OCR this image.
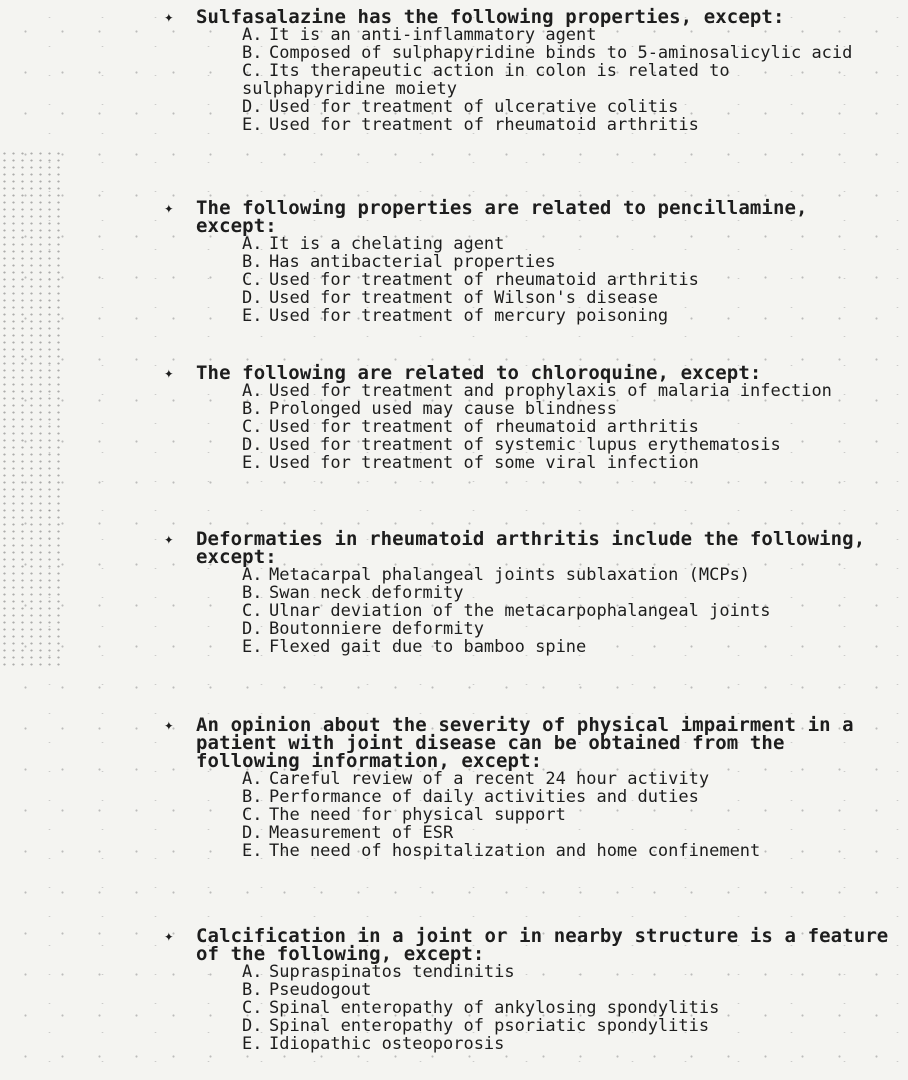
✦ Sulfasalazine has the following properties, except:
A. It is an anti-inflammatory agent
B. Composed of sulphapyridine binds to 5-aminosalicylic acid
C. Its therapeutic action in colon is related to sulphapyridine moiety
D. Used for treatment of ulcerative colitis
E. Used for treatment of rheumatoid arthritis
✦ The following properties are related to pencillamine, except:
A. It is a chelating agent
B. Has antibacterial properties
C. Used for treatment of rheumatoid arthritis
D. Used for treatment of Wilson's disease
E. Used for treatment of mercury poisoning
✦ The following are related to chloroquine, except:
A. Used for treatment and prophylaxis of malaria infection
B. Prolonged used may cause blindness
C. Used for treatment of rheumatoid arthritis
D. Used for treatment of systemic lupus erythematosis
E. Used for treatment of some viral infection
✦ Deformaties in rheumatoid arthritis include the following, except:
A. Metacarpal phalangeal joints sublaxation (MCPs)
B. Swan neck deformity
C. Ulnar deviation of the metacarpophalangeal joints
D. Boutonniere deformity
E. Flexed gait due to bamboo spine
✦ An opinion about the severity of physical impairment in a patient with joint disease can be obtained from the following information, except:
A. Careful review of a recent 24 hour activity
B. Performance of daily activities and duties
C. The need for physical support
D. Measurement of ESR
E. The need of hospitalization and home confinement
✦ Calcification in a joint or in nearby structure is a feature of the following, except:
A. Supraspinatos tendinitis
B. Pseudogout
C. Spinal enteropathy of ankylosing spondylitis
D. Spinal enteropathy of psoriatic spondylitis
E. Idiopathic osteoporosis
